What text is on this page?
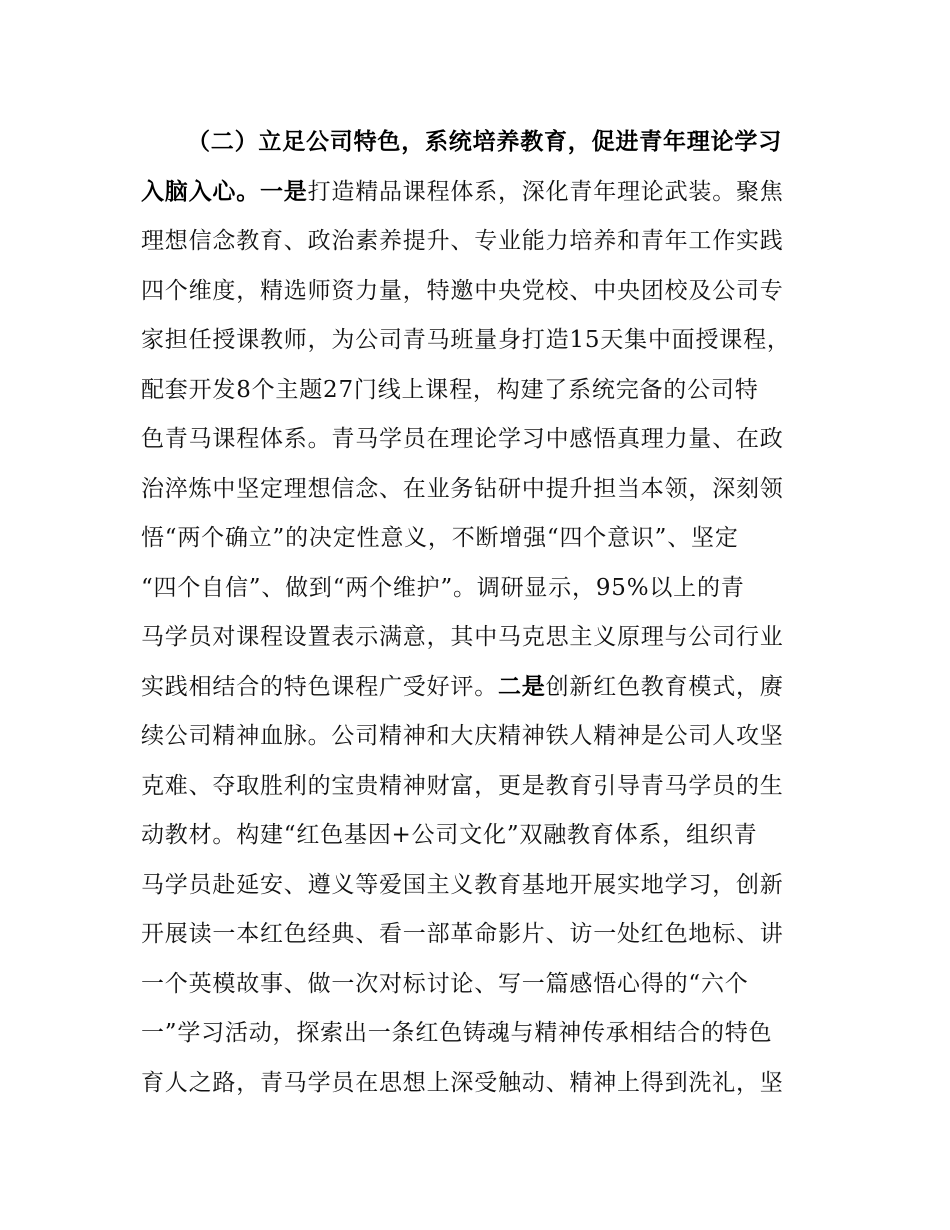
（二）立足公司特色，系统培养教育，促进青年理论学习
入脑入心。一是打造精品课程体系，深化青年理论武装。聚焦
理想信念教育、政治素养提升、专业能力培养和青年工作实践
四个维度，精选师资力量，特邀中央党校、中央团校及公司专
家担任授课教师，为公司青马班量身打造15天集中面授课程，
配套开发8个主题27门线上课程，构建了系统完备的公司特
色青马课程体系。青马学员在理论学习中感悟真理力量、在政
治淬炼中坚定理想信念、在业务钻研中提升担当本领，深刻领
悟“两个确立”的决定性意义，不断增强“四个意识”、坚定
“四个自信”、做到“两个维护”。调研显示，95%以上的青
马学员对课程设置表示满意，其中马克思主义原理与公司行业
实践相结合的特色课程广受好评。二是创新红色教育模式，赓
续公司精神血脉。公司精神和大庆精神铁人精神是公司人攻坚
克难、夺取胜利的宝贵精神财富，更是教育引导青马学员的生
动教材。构建“红色基因+公司文化”双融教育体系，组织青
马学员赴延安、遵义等爱国主义教育基地开展实地学习，创新
开展读一本红色经典、看一部革命影片、访一处红色地标、讲
一个英模故事、做一次对标讨论、写一篇感悟心得的“六个
一”学习活动，探索出一条红色铸魂与精神传承相结合的特色
育人之路，青马学员在思想上深受触动、精神上得到洗礼，坚
